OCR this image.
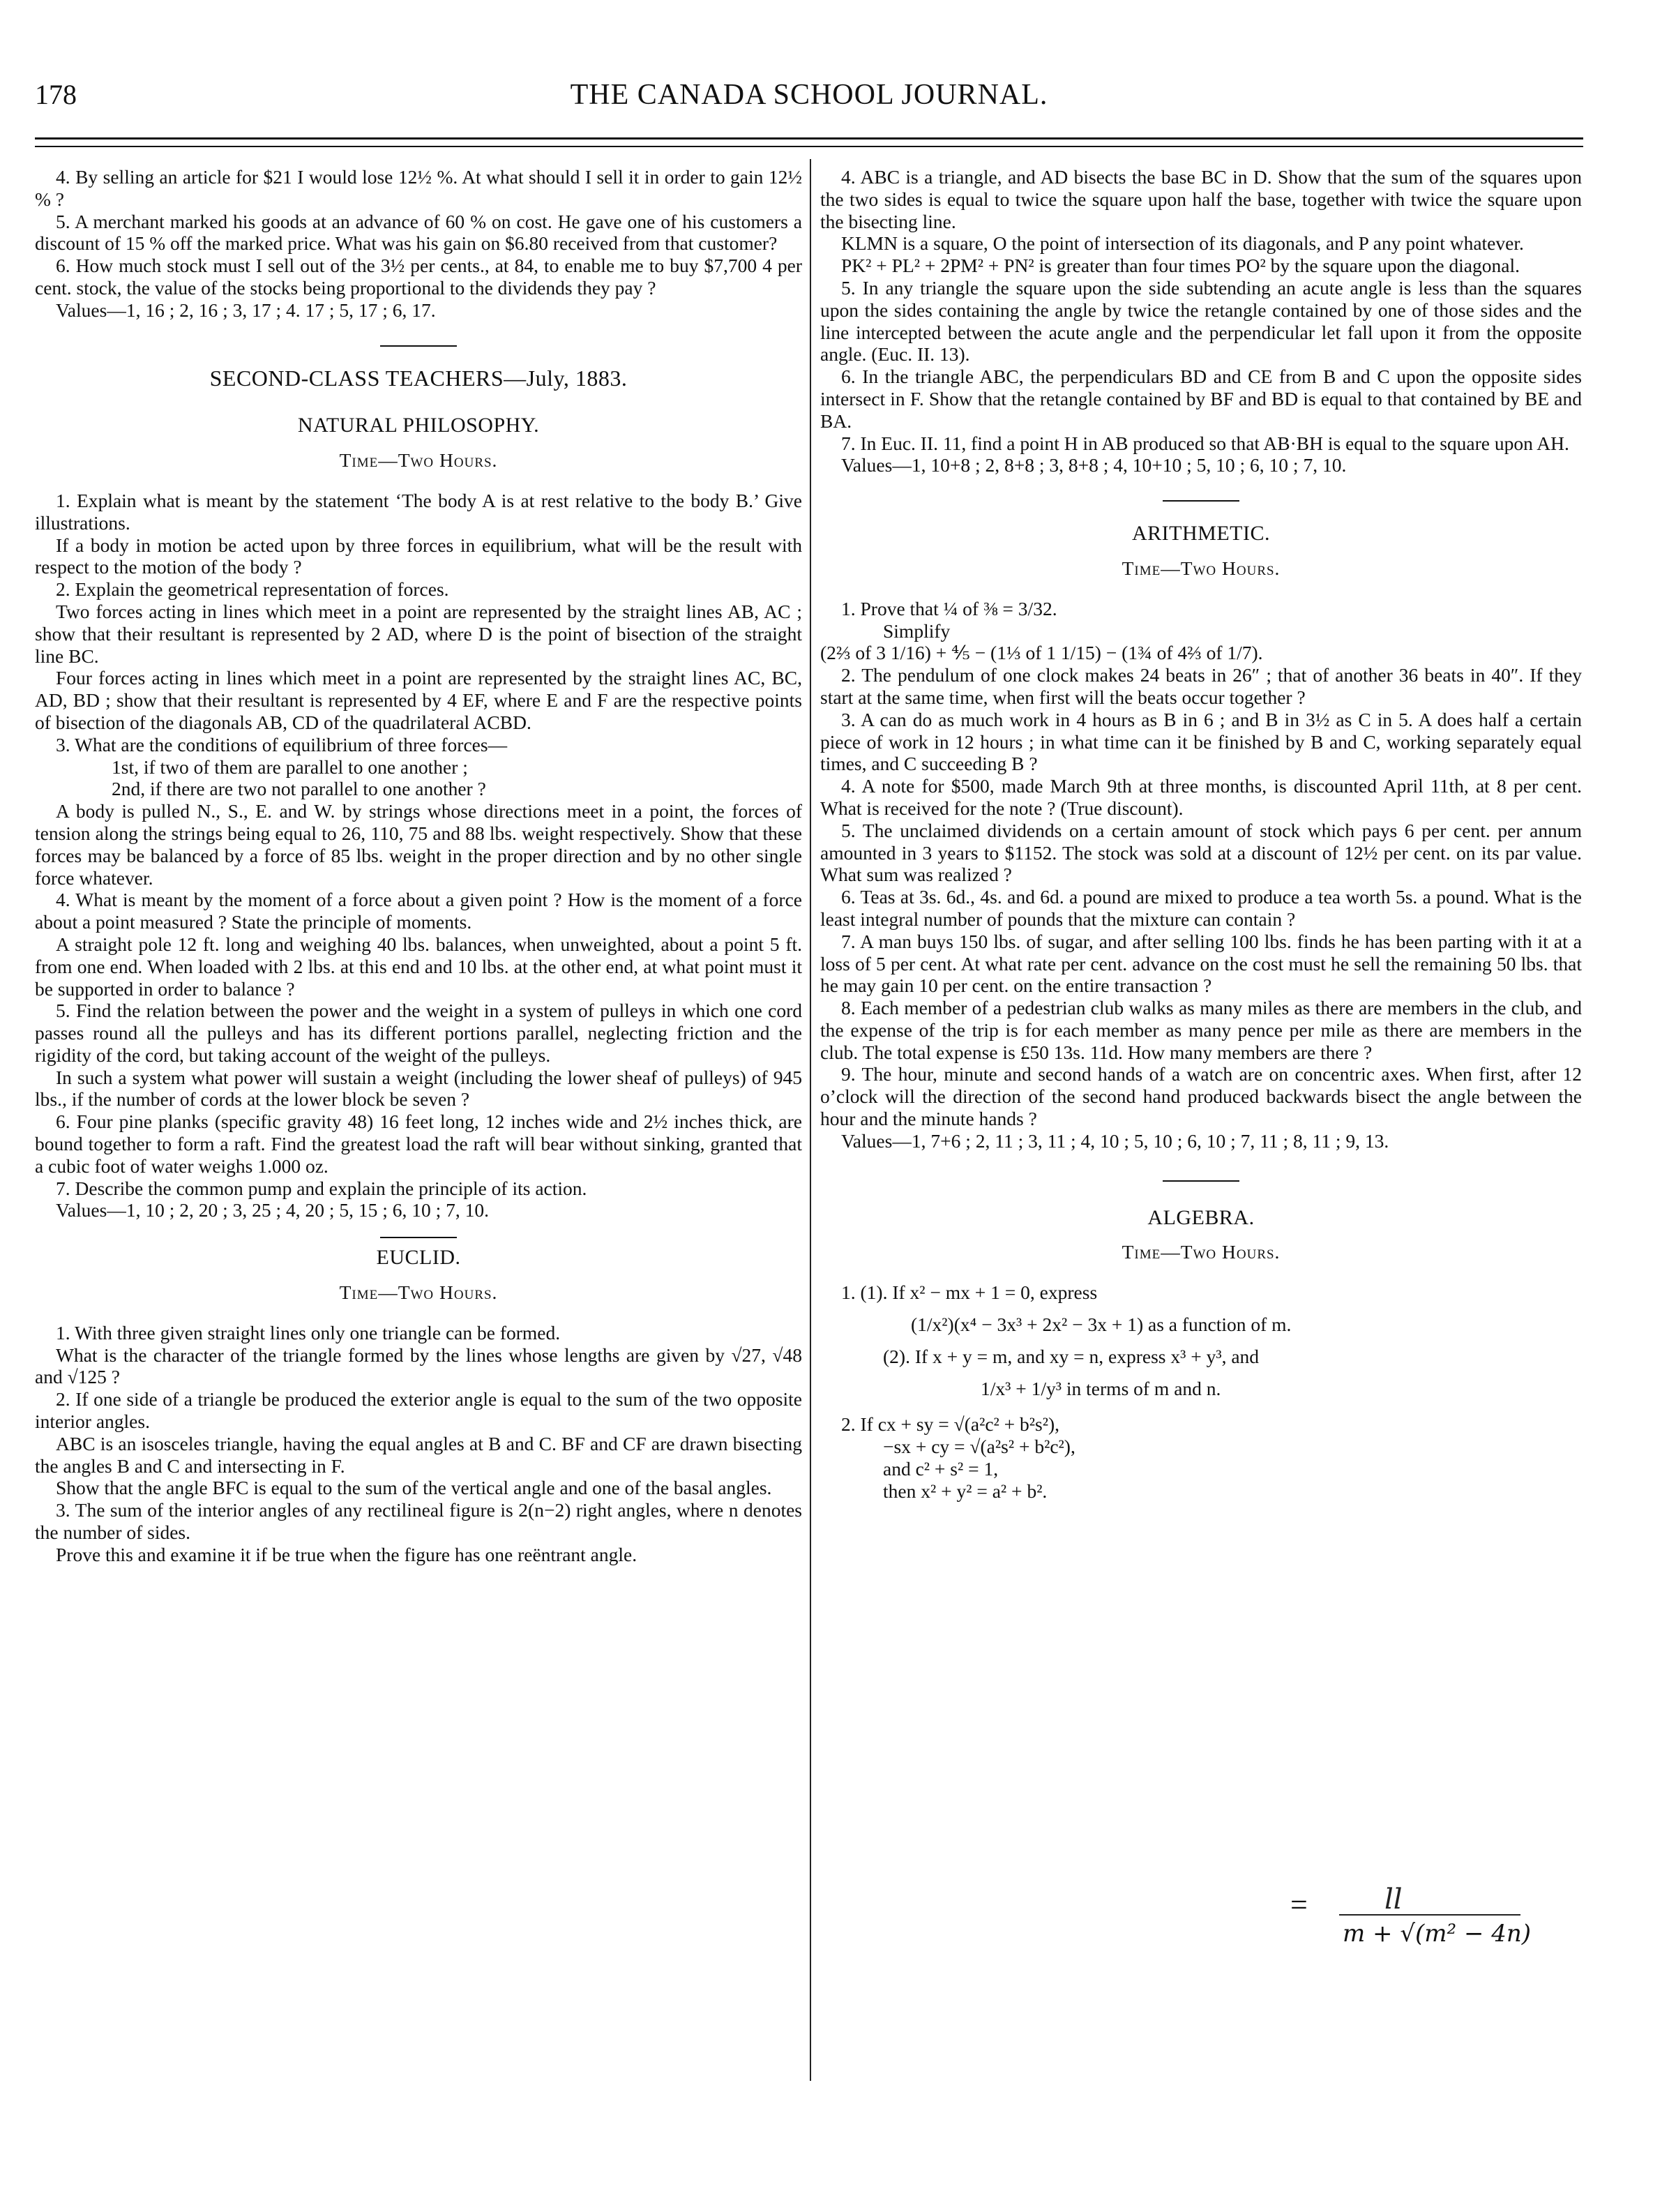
178	THE CANADA SCHOOL JOURNAL.

4. By selling an article for $21 I would lose 12½ %. At what should I sell it in order to gain 12½ % ?

5. A merchant marked his goods at an advance of 60 % on cost. He gave one of his customers a discount of 15 % off the marked price. What was his gain on $6.80 received from that customer?

6. How much stock must I sell out of the 3½ per cents., at 84, to enable me to buy $7,700 4 per cent. stock, the value of the stocks being proportional to the dividends they pay ?

Values—1, 16 ; 2, 16 ; 3, 17 ; 4. 17 ; 5, 17 ; 6, 17.

SECOND-CLASS TEACHERS—July, 1883.
NATURAL PHILOSOPHY.
Time—Two Hours.

1. Explain what is meant by the statement ‘The body A is at rest relative to the body B.’ Give illustrations.

If a body in motion be acted upon by three forces in equilibrium, what will be the result with respect to the motion of the body ?

2. Explain the geometrical representation of forces.

Two forces acting in lines which meet in a point are represented by the straight lines AB, AC ; show that their resultant is represented by 2 AD, where D is the point of bisection of the straight line BC.

Four forces acting in lines which meet in a point are represented by the straight lines AC, BC, AD, BD ; show that their resultant is represented by 4 EF, where E and F are the respective points of bisection of the diagonals AB, CD of the quadrilateral ACBD.

3. What are the conditions of equilibrium of three forces—

1st, if two of them are parallel to one another ;

2nd, if there are two not parallel to one another ?

A body is pulled N., S., E. and W. by strings whose directions meet in a point, the forces of tension along the strings being equal to 26, 110, 75 and 88 lbs. weight respectively. Show that these forces may be balanced by a force of 85 lbs. weight in the proper direction and by no other single force whatever.

4. What is meant by the moment of a force about a given point ? How is the moment of a force about a point measured ? State the principle of moments.

A straight pole 12 ft. long and weighing 40 lbs. balances, when unweighted, about a point 5 ft. from one end. When loaded with 2 lbs. at this end and 10 lbs. at the other end, at what point must it be supported in order to balance ?

5. Find the relation between the power and the weight in a system of pulleys in which one cord passes round all the pulleys and has its different portions parallel, neglecting friction and the rigidity of the cord, but taking account of the weight of the pulleys.

In such a system what power will sustain a weight (including the lower sheaf of pulleys) of 945 lbs., if the number of cords at the lower block be seven ?

6. Four pine planks (specific gravity 48) 16 feet long, 12 inches wide and 2½ inches thick, are bound together to form a raft. Find the greatest load the raft will bear without sinking, granted that a cubic foot of water weighs 1.000 oz.

7. Describe the common pump and explain the principle of its action.

Values—1, 10 ; 2, 20 ; 3, 25 ; 4, 20 ; 5, 15 ; 6, 10 ; 7, 10.

EUCLID.
Time—Two Hours.

1. With three given straight lines only one triangle can be formed.

What is the character of the triangle formed by the lines whose lengths are given by √27, √48 and √125 ?

2. If one side of a triangle be produced the exterior angle is equal to the sum of the two opposite interior angles.

ABC is an isosceles triangle, having the equal angles at B and C. BF and CF are drawn bisecting the angles B and C and intersecting in F.

Show that the angle BFC is equal to the sum of the vertical angle and one of the basal angles.

3. The sum of the interior angles of any rectilineal figure is 2(n−2) right angles, where n denotes the number of sides.

Prove this and examine it if be true when the figure has one reëntrant angle.

4. ABC is a triangle, and AD bisects the base BC in D. Show that the sum of the squares upon the two sides is equal to twice the square upon half the base, together with twice the square upon the bisecting line.

KLMN is a square, O the point of intersection of its diagonals, and P any point whatever.

PK² + PL² + 2PM² + PN² is greater than four times PO² by the square upon the diagonal.

5. In any triangle the square upon the side subtending an acute angle is less than the squares upon the sides containing the angle by twice the retangle contained by one of those sides and the line intercepted between the acute angle and the perpendicular let fall upon it from the opposite angle. (Euc. II. 13).

6. In the triangle ABC, the perpendiculars BD and CE from B and C upon the opposite sides intersect in F. Show that the retangle contained by BF and BD is equal to that contained by BE and BA.

7. In Euc. II. 11, find a point H in AB produced so that AB·BH is equal to the square upon AH.

Values—1, 10+8 ; 2, 8+8 ; 3, 8+8 ; 4, 10+10 ; 5, 10 ; 6, 10 ; 7, 10.

ARITHMETIC.
Time—Two Hours.

1. Prove that ¼ of ⅜ = 3/32.

Simplify

(2⅔ of 3 1/16) + ⅘ − (1⅓ of 1 1/15) − (1¾ of 4⅔ of 1/7).

2. The pendulum of one clock makes 24 beats in 26″ ; that of another 36 beats in 40″. If they start at the same time, when first will the beats occur together ?

3. A can do as much work in 4 hours as B in 6 ; and B in 3½ as C in 5. A does half a certain piece of work in 12 hours ; in what time can it be finished by B and C, working separately equal times, and C succeeding B ?

4. A note for $500, made March 9th at three months, is discounted April 11th, at 8 per cent. What is received for the note ? (True discount).

5. The unclaimed dividends on a certain amount of stock which pays 6 per cent. per annum amounted in 3 years to $1152. The stock was sold at a discount of 12½ per cent. on its par value. What sum was realized ?

6. Teas at 3s. 6d., 4s. and 6d. a pound are mixed to produce a tea worth 5s. a pound. What is the least integral number of pounds that the mixture can contain ?

7. A man buys 150 lbs. of sugar, and after selling 100 lbs. finds he has been parting with it at a loss of 5 per cent. At what rate per cent. advance on the cost must he sell the remaining 50 lbs. that he may gain 10 per cent. on the entire transaction ?

8. Each member of a pedestrian club walks as many miles as there are members in the club, and the expense of the trip is for each member as many pence per mile as there are members in the club. The total expense is £50 13s. 11d. How many members are there ?

9. The hour, minute and second hands of a watch are on concentric axes. When first, after 12 o’clock will the direction of the second hand produced backwards bisect the angle between the hour and the minute hands ?

Values—1, 7+6 ; 2, 11 ; 3, 11 ; 4, 10 ; 5, 10 ; 6, 10 ; 7, 11 ; 8, 11 ; 9, 13.

ALGEBRA.
Time—Two Hours.

1. (1). If x² − mx + 1 = 0, express

(1/x²)(x⁴ − 3x³ + 2x² − 3x + 1) as a function of m.

(2). If x + y = m, and xy = n, express x³ + y³, and

1/x³ + 1/y³ in terms of m and n.

2. If cx + sy = √(a²c² + b²s²),

−sx + cy = √(a²s² + b²c²),

and c² + s² = 1,

then x² + y² = a² + b².

=	ll
m + √(m² − 4n)
